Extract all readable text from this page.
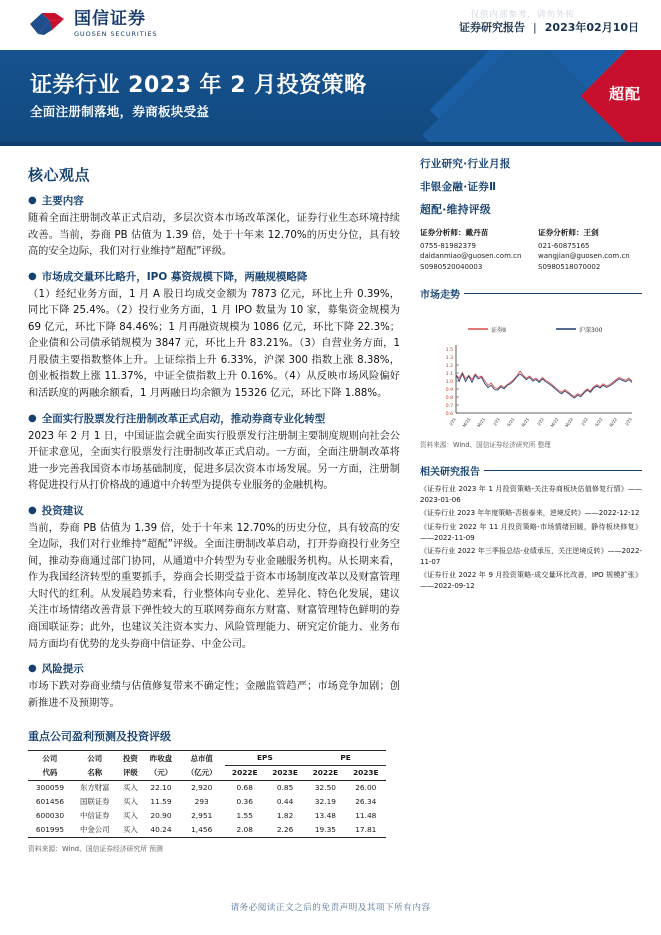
国信证券
GUOSEN SECURITIES
仅供内部参考，请勿外传
证券研究报告 | 2023年02月10日
证券行业 2023 年 2 月投资策略
全面注册制落地，券商板块受益
超配
核心观点
● 主要内容

随着全面注册制改革正式启动，多层次资本市场改革深化，证券行业生态环境持续改善。当前，券商 PB 估值为 1.39 倍，处于十年来 12.70%的历史分位，具有较高的安全边际，我们对行业维持“超配”评级。

● 市场成交量环比略升，IPO 募资规模下降，两融规模略降

（1）经纪业务方面，1 月 A 股日均成交金额为 7873 亿元，环比上升 0.39%，同比下降 25.4%。（2）投行业务方面，1 月 IPO 数量为 10 家，募集资金规模为 69 亿元，环比下降 84.46%；1 月再融资规模为 1086 亿元，环比下降 22.3%；企业债和公司债承销规模为 3847 元，环比上升 83.21%。（3）自营业务方面，1 月股债主要指数整体上升。上证综指上升 6.33%，沪深 300 指数上涨 8.38%，创业板指数上涨 11.37%，中证全债指数上升 0.16%。（4）从反映市场风险偏好和活跃度的两融余额看，1 月两融日均余额为 15326 亿元，环比下降 1.88%。

● 全面实行股票发行注册制改革正式启动，推动券商专业化转型

2023 年 2 月 1 日，中国证监会就全面实行股票发行注册制主要制度规则向社会公开征求意见，全面实行股票发行注册制改革正式启动。一方面，全面注册制改革将进一步完善我国资本市场基础制度，促进多层次资本市场发展。另一方面，注册制将促进投行从打价格战的通道中介转型为提供专业服务的金融机构。

● 投资建议

当前，券商 PB 估值为 1.39 倍，处于十年来 12.70%的历史分位，具有较高的安全边际，我们对行业维持“超配”评级。全面注册制改革启动，打开券商投行业务空间，推动券商通过部门协同，从通道中介转型为专业金融服务机构。从长期来看，作为我国经济转型的重要抓手，券商会长期受益于资本市场制度改革以及财富管理大时代的红利。从发展趋势来看，行业整体向专业化、差异化、特色化发展，建议关注市场情绪改善背景下弹性较大的互联网券商东方财富、财富管理特色鲜明的券商国联证券；此外，也建议关注资本实力、风险管理能力、研究定价能力、业务布局方面均有优势的龙头券商中信证券、中金公司。

● 风险提示

市场下跌对券商业绩与估值修复带来不确定性；金融监管趋严；市场竞争加剧；创新推进不及预期等。

重点公司盈利预测及投资评级
公司	公司	投资	昨收盘	总市值	EPS		PE	
代码	名称	评级	（元）	（亿元）	2022E	2023E	2022E	2023E
300059	东方财富	买入	22.10	2,920	0.68	0.85	32.50	26.00
601456	国联证券	买入	11.59	293	0.36	0.44	32.19	26.34
600030	中信证券	买入	20.90	2,951	1.55	1.82	13.48	11.48
601995	中金公司	买入	40.24	1,456	2.08	2.26	19.35	17.81
资料来源：Wind、国信证券经济研究所 预测
行业研究·行业月报
非银金融·证券Ⅱ
超配·维持评级
证券分析师：戴丹苗
0755-81982379
daidanmiao@guosen.com.cn
S0980520040003
证券分析师：王剑
021-60875165
wangjian@guosen.com.cn
S0980518070002
市场走势
证券Ⅱ	沪深300
1.5
1.3
1.2
1.1
1.0
0.9
0.8
0.7
0.6
J/21 M/21 M/21 J/21 S/21 N/21 J/22 M/22 M/22 J/22 S/22 N/22 J/23
资料来源：Wind、国信证券经济研究所 整理
相关研究报告
《证券行业 2023 年 1 月投资策略-关注券商板块估值修复行情》——2023-01-06
《证券行业 2023 年年度策略-否极泰来，逆境反转》——2022-12-12
《证券行业 2022 年 11 月投资策略-市场情绪回暖，静待板块修复》——2022-11-09
《证券行业 2022 年三季报总结-业绩承压，关注逆境反转》——2022-11-07
《证券行业 2022 年 9 月投资策略-成交量环比改善，IPO 规模扩张》——2022-09-12
请务必阅读正文之后的免责声明及其项下所有内容
